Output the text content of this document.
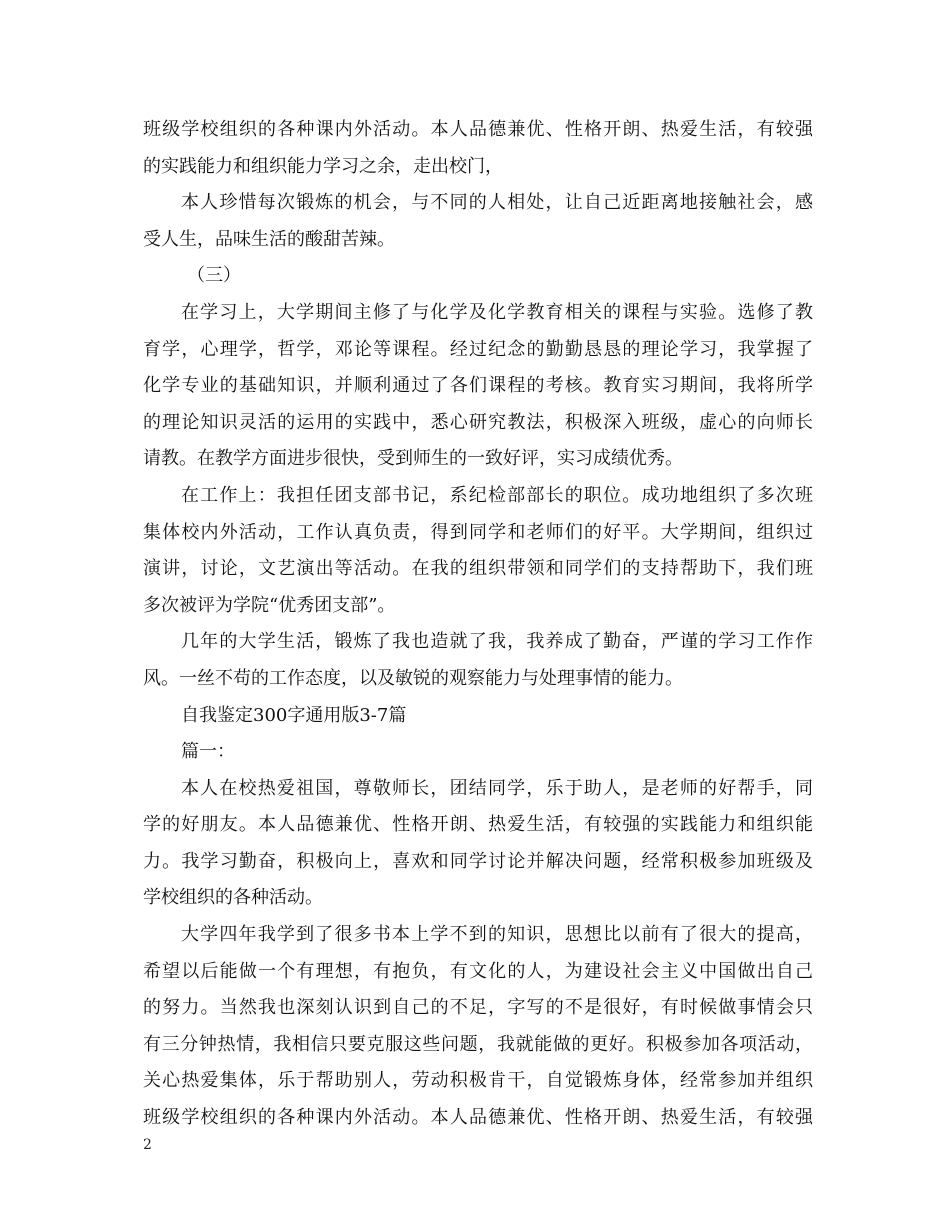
班级学校组织的各种课内外活动。本人品德兼优、性格开朗、热爱生活，有较强
的实践能力和组织能力学习之余，走出校门，
本人珍惜每次锻炼的机会，与不同的人相处，让自己近距离地接触社会，感
受人生，品味生活的酸甜苦辣。
（三）
在学习上，大学期间主修了与化学及化学教育相关的课程与实验。选修了教
育学，心理学，哲学，邓论等课程。经过纪念的勤勤恳恳的理论学习，我掌握了
化学专业的基础知识，并顺利通过了各们课程的考核。教育实习期间，我将所学
的理论知识灵活的运用的实践中，悉心研究教法，积极深入班级，虚心的向师长
请教。在教学方面进步很快，受到师生的一致好评，实习成绩优秀。
在工作上：我担任团支部书记，系纪检部部长的职位。成功地组织了多次班
集体校内外活动，工作认真负责，得到同学和老师们的好平。大学期间，组织过
演讲，讨论，文艺演出等活动。在我的组织带领和同学们的支持帮助下，我们班
多次被评为学院“优秀团支部”。
几年的大学生活，锻炼了我也造就了我，我养成了勤奋，严谨的学习工作作
风。一丝不苟的工作态度，以及敏锐的观察能力与处理事情的能力。
自我鉴定300字通用版3-7篇
篇一：
本人在校热爱祖国，尊敬师长，团结同学，乐于助人，是老师的好帮手，同
学的好朋友。本人品德兼优、性格开朗、热爱生活，有较强的实践能力和组织能
力。我学习勤奋，积极向上，喜欢和同学讨论并解决问题，经常积极参加班级及
学校组织的各种活动。
大学四年我学到了很多书本上学不到的知识，思想比以前有了很大的提高，
希望以后能做一个有理想，有抱负，有文化的人，为建设社会主义中国做出自己
的努力。当然我也深刻认识到自己的不足，字写的不是很好，有时候做事情会只
有三分钟热情，我相信只要克服这些问题，我就能做的更好。积极参加各项活动，
关心热爱集体，乐于帮助别人，劳动积极肯干，自觉锻炼身体，经常参加并组织
班级学校组织的各种课内外活动。本人品德兼优、性格开朗、热爱生活，有较强
2
